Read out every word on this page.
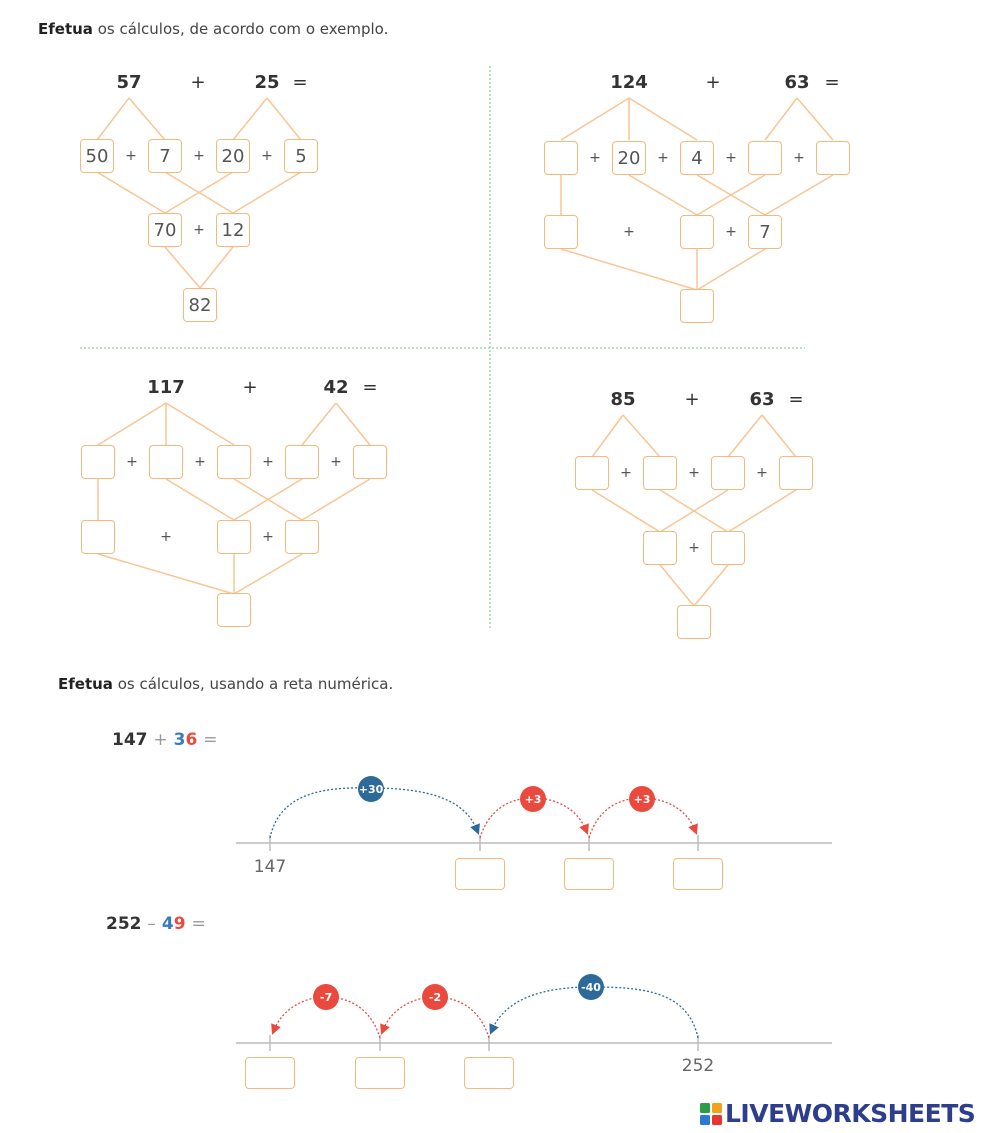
Efetua os cálculos, de acordo com o exemplo.
57	+	25 =
50	+	7	+ 20	+	5
70	+ 12
82
124	+	63 =
+ 20	+	4	+	+
+	+	7
117	+	42 =
+	+	+	+
+	+
85	+	63 =
+	+	+
+
Efetua os cálculos, usando a reta numérica.
147 + 36 =
252 – 49 =
147
+30
+3	+3
252
-7	-2
-40
LIVEWORKSHEETS
